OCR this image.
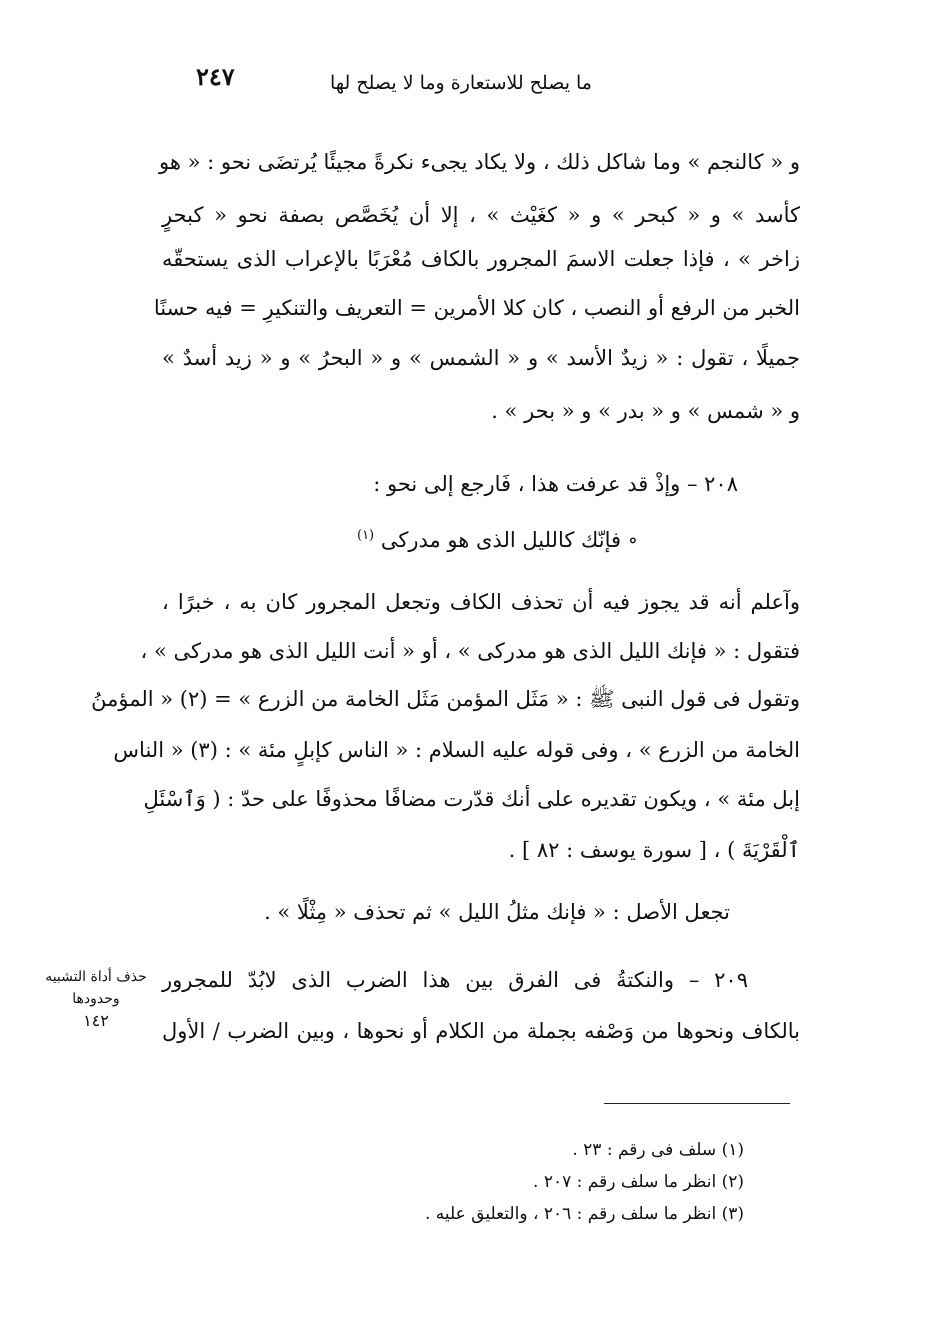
ما يصلح للاستعارة وما لا يصلح لها
٢٤٧
و « كالنجم » وما شاكل ذلك ، ولا يكاد يجىء نكرةً مجيئًا يُرتضَى نحو : « هو
كأسد » و « كبحر » و « كغَيْث » ، إلا أن يُخَصَّص بصفة نحو « كبحرٍ
زاخر » ، فإذا جعلت الاسمَ المجرور بالكاف مُعْرَبًا بالإعراب الذى يستحقّه
الخبر من الرفع أو النصب ، كان كلا الأمرين = التعريف والتنكيرِ = فيه حسنًا
جميلًا ، تقول : « زيدٌ الأسد » و « الشمس » و « البحرُ » و « زيد أسدٌ »
و « شمس » و « بدر » و « بحر » .
٢٠٨ – وإذْ قد عرفت هذا ، فَارجع إلى نحو :
∘ فإنّك كالليل الذى هو مدركى $^{(١)}$
وآعلم أنه قد يجوز فيه أن تحذف الكاف وتجعل المجرور كان به ، خبرًا ،
فتقول : « فإنك الليل الذى هو مدركى » ، أو « أنت الليل الذى هو مدركى » ،
وتقول فى قول النبى ﷺ : « مَثَل المؤمن مَثَل الخامة من الزرع » = (٢) « المؤمنُ
الخامة من الزرع » ، وفى قوله عليه السلام : « الناس كإبلٍ مئة » : (٣) « الناس
إبل مئة » ، ويكون تقديره على أنك قدّرت مضافًا محذوفًا على حدّ : ( وَٱسْئَلِ
ٱلْقَرْيَةَ ) ، [ سورة يوسف : ٨٢ ] .
تجعل الأصل : « فإنك مثلُ الليل » ثم تحذف « مِثْلًا » .
٢٠٩ – والنكتةُ فى الفرق بين هذا الضرب الذى لابُدّ للمجرور
بالكاف ونحوها من وَصْفه بجملة من الكلام أو نحوها ، وبين الضرب / الأول
حذف أداة التشبيه
وحدودها
١٤٢
(١) سلف فى رقم : ٢٣ .
(٢) انظر ما سلف رقم : ٢٠٧ .
(٣) انظر ما سلف رقم : ٢٠٦ ، والتعليق عليه .
